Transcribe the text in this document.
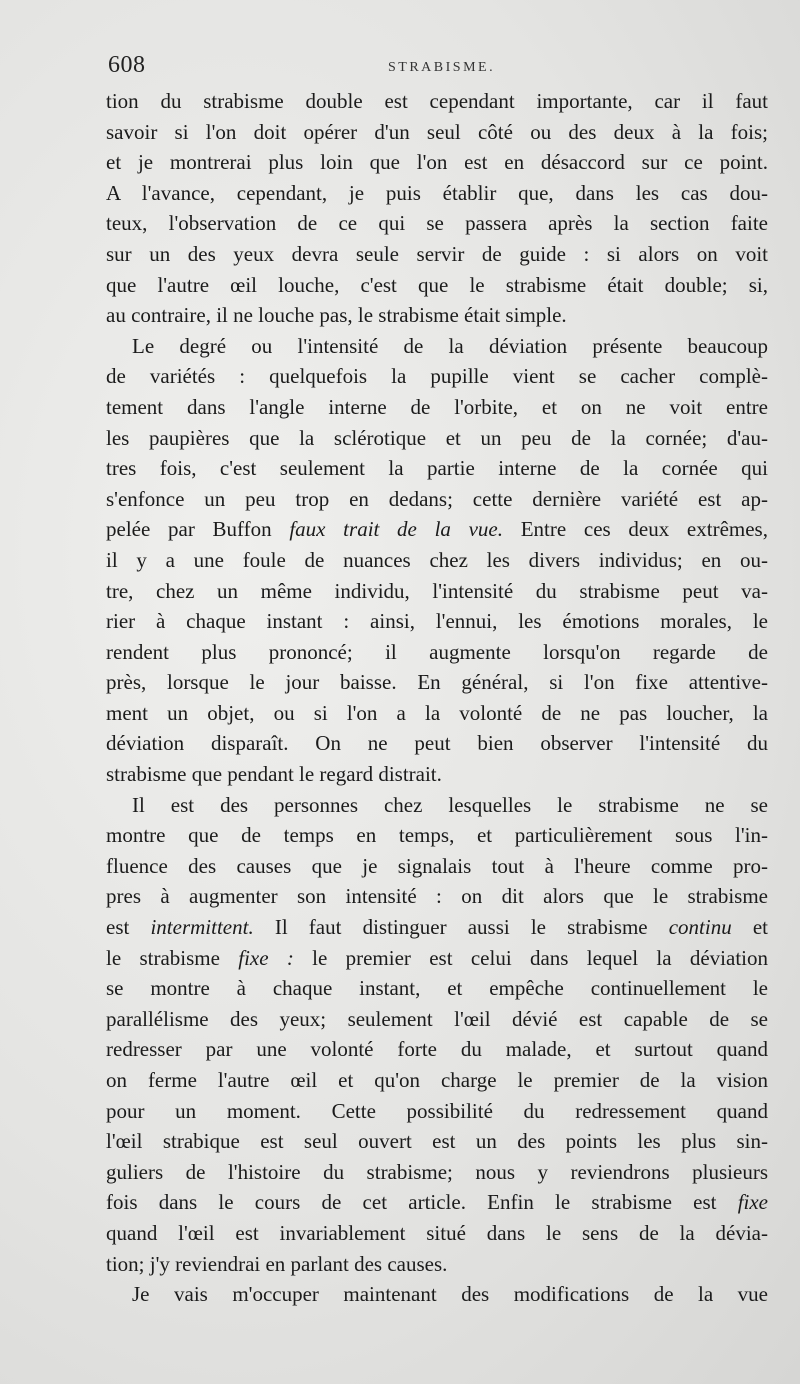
608	STRABISME.
tion du strabisme double est cependant importante, car il faut
savoir si l'on doit opérer d'un seul côté ou des deux à la fois;
et je montrerai plus loin que l'on est en désaccord sur ce point.
A l'avance, cependant, je puis établir que, dans les cas dou-
teux, l'observation de ce qui se passera après la section faite
sur un des yeux devra seule servir de guide : si alors on voit
que l'autre œil louche, c'est que le strabisme était double; si,
au contraire, il ne louche pas, le strabisme était simple.
Le degré ou l'intensité de la déviation présente beaucoup
de variétés : quelquefois la pupille vient se cacher complè-
tement dans l'angle interne de l'orbite, et on ne voit entre
les paupières que la sclérotique et un peu de la cornée; d'au-
tres fois, c'est seulement la partie interne de la cornée qui
s'enfonce un peu trop en dedans; cette dernière variété est ap-
pelée par Buffon faux trait de la vue. Entre ces deux extrêmes,
il y a une foule de nuances chez les divers individus; en ou-
tre, chez un même individu, l'intensité du strabisme peut va-
rier à chaque instant : ainsi, l'ennui, les émotions morales, le
rendent plus prononcé; il augmente lorsqu'on regarde de
près, lorsque le jour baisse. En général, si l'on fixe attentive-
ment un objet, ou si l'on a la volonté de ne pas loucher, la
déviation disparaît. On ne peut bien observer l'intensité du
strabisme que pendant le regard distrait.
Il est des personnes chez lesquelles le strabisme ne se
montre que de temps en temps, et particulièrement sous l'in-
fluence des causes que je signalais tout à l'heure comme pro-
pres à augmenter son intensité : on dit alors que le strabisme
est intermittent. Il faut distinguer aussi le strabisme continu et
le strabisme fixe : le premier est celui dans lequel la déviation
se montre à chaque instant, et empêche continuellement le
parallélisme des yeux; seulement l'œil dévié est capable de se
redresser par une volonté forte du malade, et surtout quand
on ferme l'autre œil et qu'on charge le premier de la vision
pour un moment. Cette possibilité du redressement quand
l'œil strabique est seul ouvert est un des points les plus sin-
guliers de l'histoire du strabisme; nous y reviendrons plusieurs
fois dans le cours de cet article. Enfin le strabisme est fixe
quand l'œil est invariablement situé dans le sens de la dévia-
tion; j'y reviendrai en parlant des causes.
Je vais m'occuper maintenant des modifications de la vue
